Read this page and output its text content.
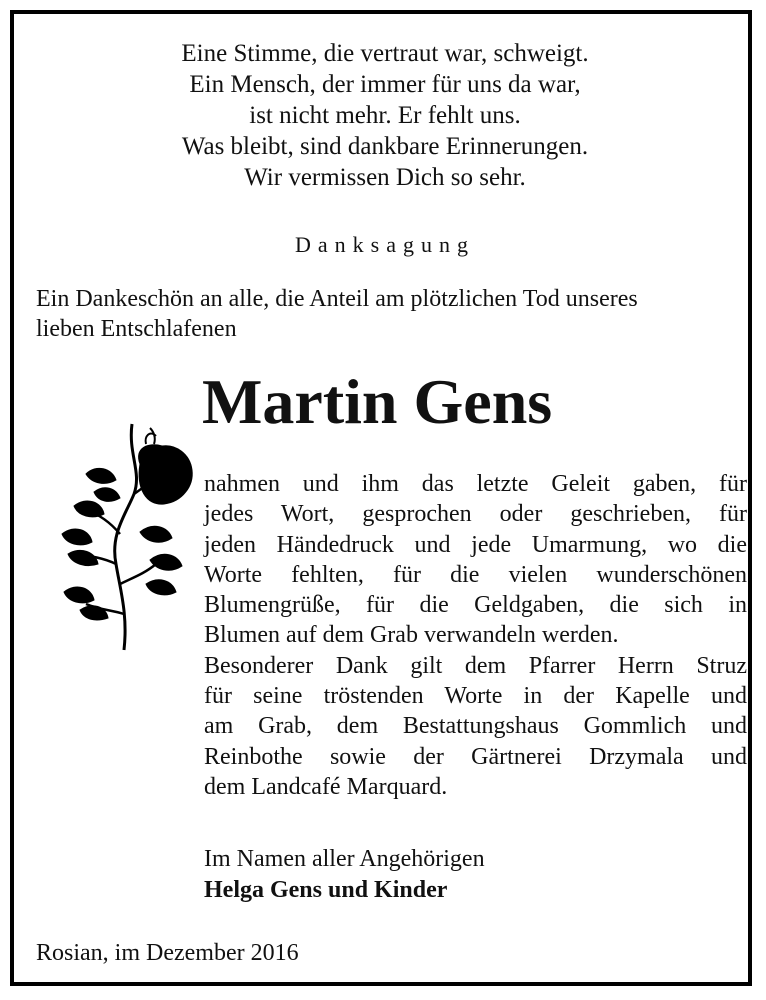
Eine Stimme, die vertraut war, schweigt.
Ein Mensch, der immer für uns da war,
ist nicht mehr. Er fehlt uns.
Was bleibt, sind dankbare Erinnerungen.
Wir vermissen Dich so sehr.
Danksagung
Ein Dankeschön an alle, die Anteil am plötzlichen Tod unseres
lieben Entschlafenen
Martin Gens
nahmen und ihm das letzte Geleit gaben, für
jedes Wort, gesprochen oder geschrieben, für
jeden Händedruck und jede Umarmung, wo die
Worte fehlten, für die vielen wunderschönen
Blumengrüße, für die Geldgaben, die sich in
Blumen auf dem Grab verwandeln werden.
Besonderer Dank gilt dem Pfarrer Herrn Struz
für seine tröstenden Worte in der Kapelle und
am Grab, dem Bestattungshaus Gommlich und
Reinbothe sowie der Gärtnerei Drzymala und
dem Landcafé Marquard.
Im Namen aller Angehörigen
Helga Gens und Kinder
Rosian, im Dezember 2016
